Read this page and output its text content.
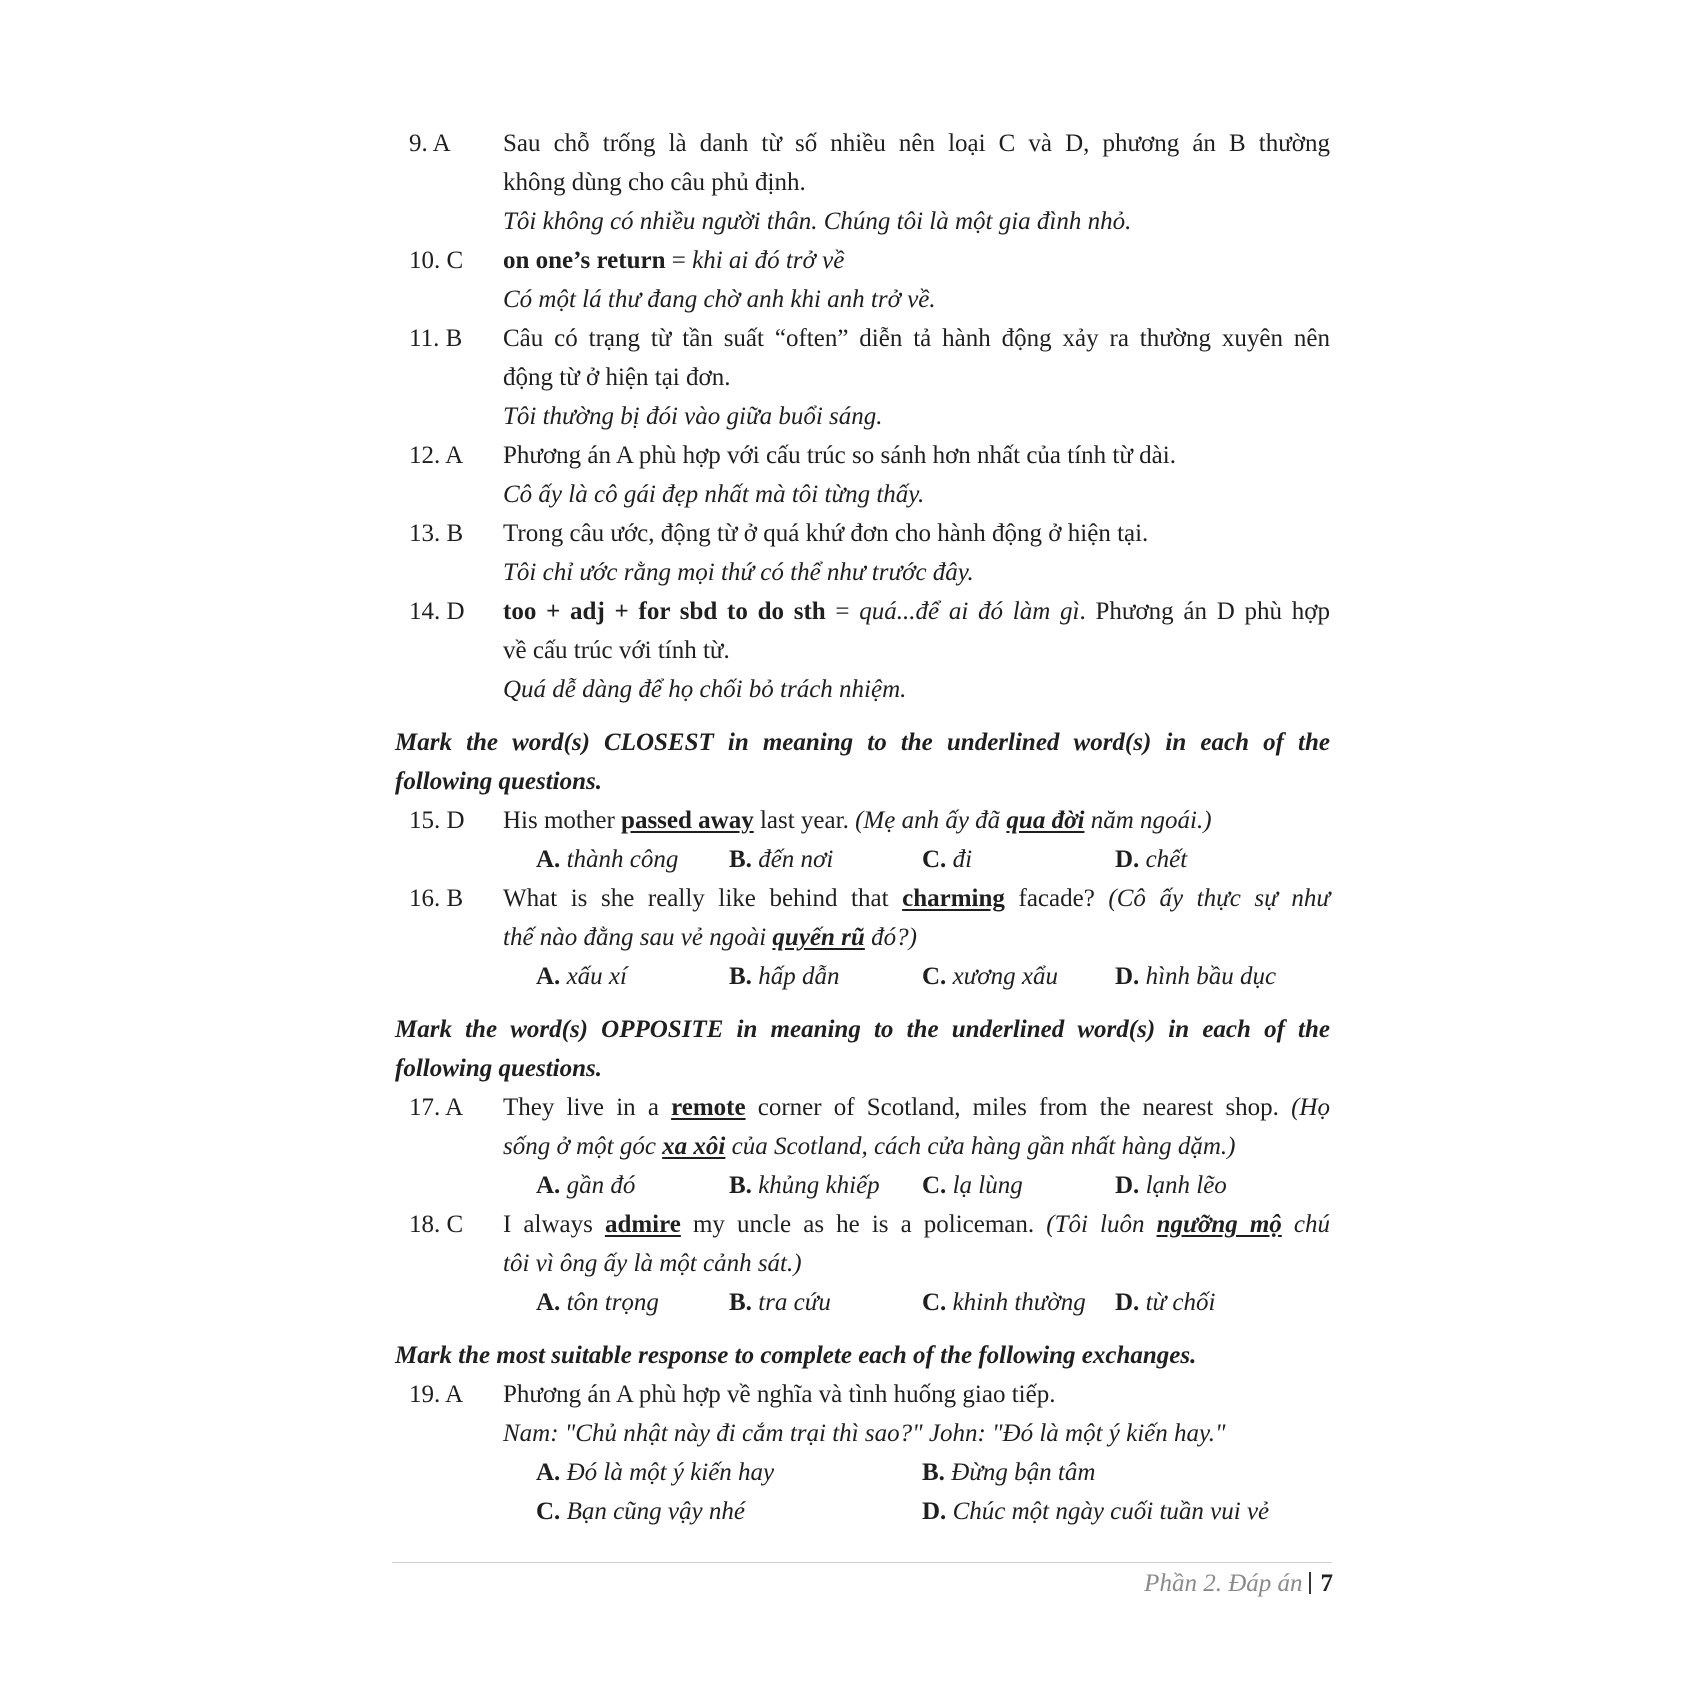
9. A	Sau chỗ trống là danh từ số nhiều nên loại C và D, phương án B thường
không dùng cho câu phủ định.
Tôi không có nhiều người thân. Chúng tôi là một gia đình nhỏ.
10. C	on one’s return = khi ai đó trở về
Có một lá thư đang chờ anh khi anh trở về.
11. B	Câu có trạng từ tần suất “often” diễn tả hành động xảy ra thường xuyên nên
động từ ở hiện tại đơn.
Tôi thường bị đói vào giữa buổi sáng.
12. A	Phương án A phù hợp với cấu trúc so sánh hơn nhất của tính từ dài.
Cô ấy là cô gái đẹp nhất mà tôi từng thấy.
13. B	Trong câu ước, động từ ở quá khứ đơn cho hành động ở hiện tại.
Tôi chỉ ước rằng mọi thứ có thể như trước đây.
14. D	too + adj + for sbd to do sth = quá...để ai đó làm gì. Phương án D phù hợp
về cấu trúc với tính từ.
Quá dễ dàng để họ chối bỏ trách nhiệm.
Mark the word(s) CLOSEST in meaning to the underlined word(s) in each of the
following questions.
15. D	His mother passed away last year. (Mẹ anh ấy đã qua đời năm ngoái.)
A. thành công	B. đến nơi	C. đi	D. chết
16. B	What is she really like behind that charming facade? (Cô ấy thực sự như
thế nào đằng sau vẻ ngoài quyến rũ đó?)
A. xấu xí	B. hấp dẫn	C. xương xẩu	D. hình bầu dục
Mark the word(s) OPPOSITE in meaning to the underlined word(s) in each of the
following questions.
17. A	They live in a remote corner of Scotland, miles from the nearest shop. (Họ
sống ở một góc xa xôi của Scotland, cách cửa hàng gần nhất hàng dặm.)
A. gần đó	B. khủng khiếp	C. lạ lùng	D. lạnh lẽo
18. C	I always admire my uncle as he is a policeman. (Tôi luôn ngưỡng mộ chú
tôi vì ông ấy là một cảnh sát.)
A. tôn trọng	B. tra cứu	C. khinh thường	D. từ chối
Mark the most suitable response to complete each of the following exchanges.
19. A	Phương án A phù hợp về nghĩa và tình huống giao tiếp.
Nam: "Chủ nhật này đi cắm trại thì sao?" John: "Đó là một ý kiến hay."
A. Đó là một ý kiến hay	B. Đừng bận tâm
C. Bạn cũng vậy nhé	D. Chúc một ngày cuối tuần vui vẻ
Phần 2. Đáp án 7
